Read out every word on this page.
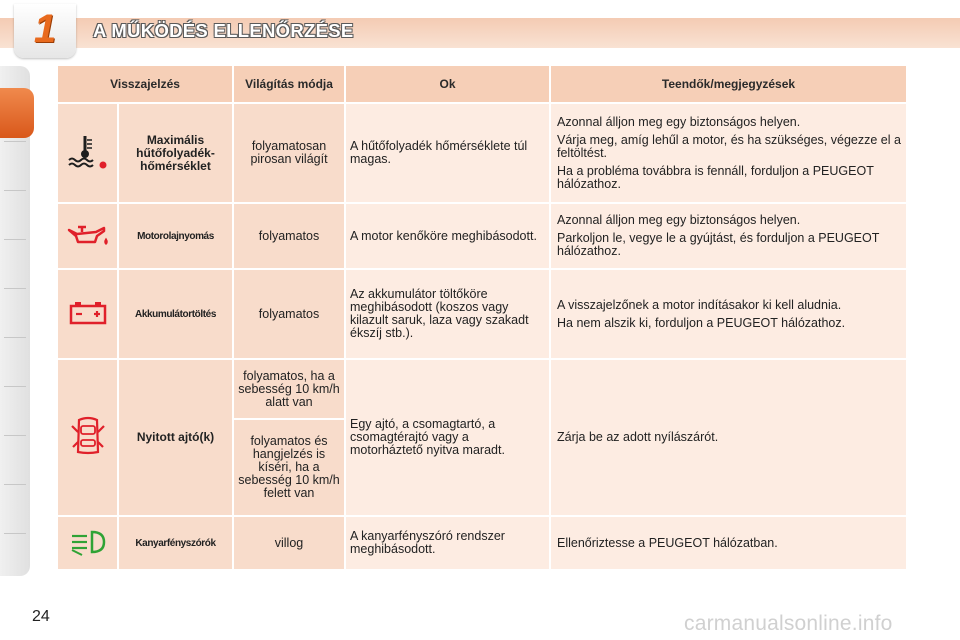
1	A MŰKÖDÉS ELLENŐRZÉSE
Visszajelzés		Világítás módja	Ok	Teendők/megjegyzések
	Maximális hűtőfolyadék-hőmérséklet	folyamatosan pirosan világít	A hűtőfolyadék hőmérséklete túl magas.	Azonnal álljon meg egy biztonságos helyen.

Várja meg, amíg lehűl a motor, és ha szükséges, végezze el a feltöltést.

Ha a probléma továbbra is fennáll, forduljon a PEUGEOT hálózathoz.

	Motorolajnyomás	folyamatos	A motor kenőköre meghibásodott.	Azonnal álljon meg egy biztonságos helyen.

Parkoljon le, vegye le a gyújtást, és forduljon a PEUGEOT hálózathoz.

	Akkumulátortöltés	folyamatos	Az akkumulátor töltőköre meghibásodott (koszos vagy kilazult saruk, laza vagy szakadt ékszíj stb.).	A visszajelzőnek a motor indításakor ki kell aludnia.

Ha nem alszik ki, forduljon a PEUGEOT hálózathoz.

	Nyitott ajtó(k)	folyamatos, ha a sebesség 10 km/h alatt van	Egy ajtó, a csomagtartó, a csomagtérajtó vagy a motorháztető nyitva maradt.	Zárja be az adott nyílászárót.
		folyamatos és hangjelzés is kíséri, ha a sebesség 10 km/h felett van		
	Kanyarfényszórók	villog	A kanyarfényszóró rendszer meghibásodott.	Ellenőriztesse a PEUGEOT hálózatban.
24	carmanualsonline.info
